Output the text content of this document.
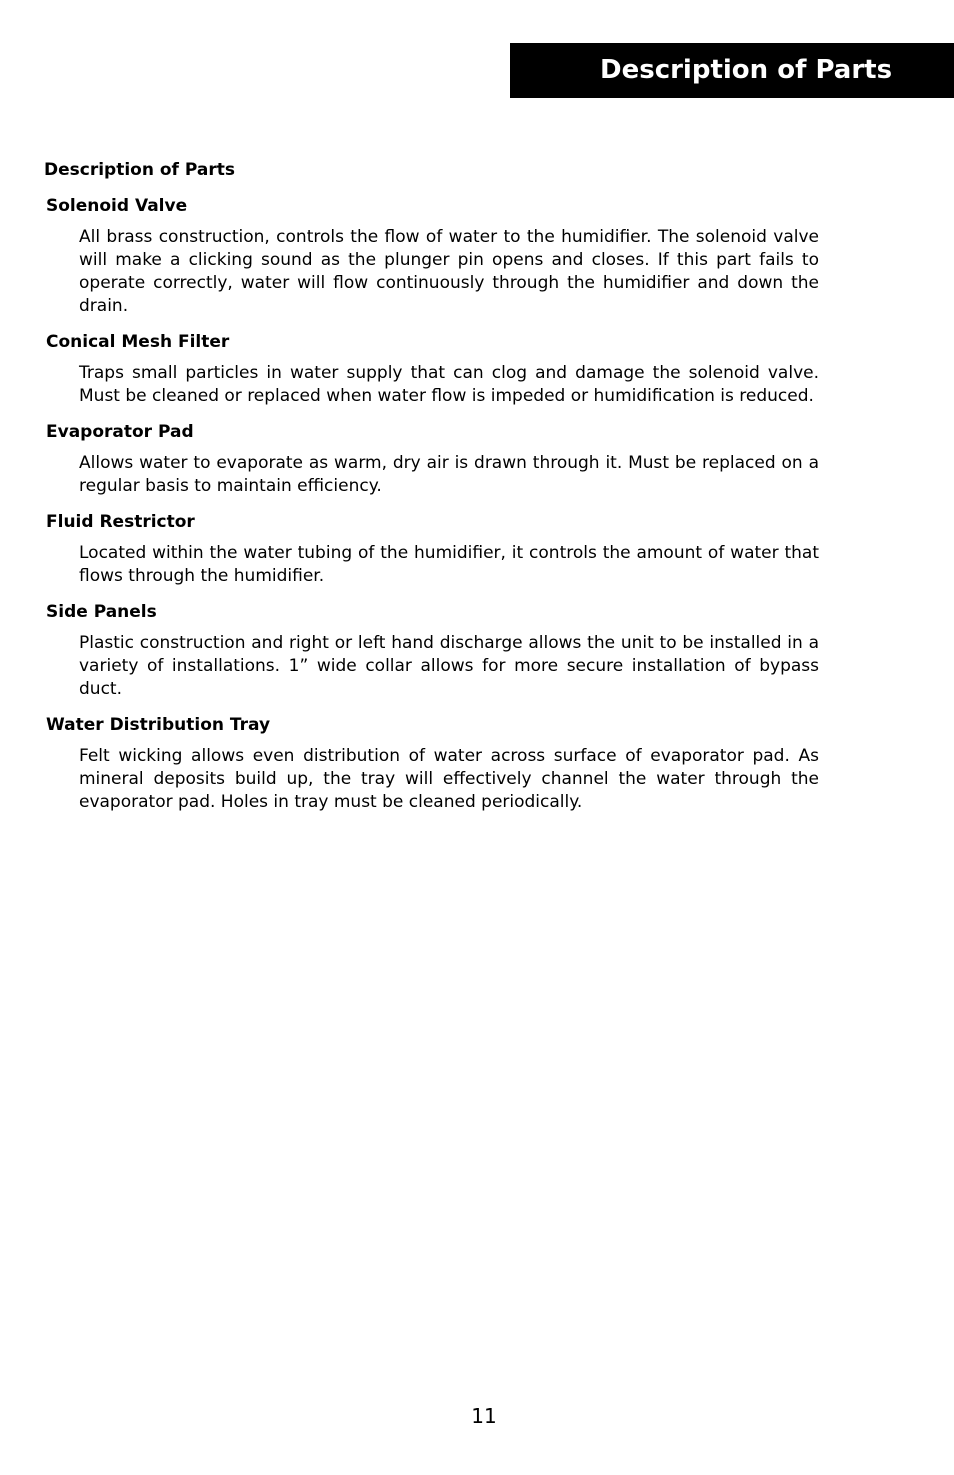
Description of Parts
Description of Parts
Solenoid Valve
All brass construction, controls the flow of water to the humidifier. The solenoid valve will make a clicking sound as the plunger pin opens and closes. If this part fails to operate correctly, water will flow continuously through the humidifier and down the drain.
Conical Mesh Filter
Traps small particles in water supply that can clog and damage the solenoid valve. Must be cleaned or replaced when water flow is impeded or humidification is reduced.
Evaporator Pad
Allows water to evaporate as warm, dry air is drawn through it. Must be replaced on a regular basis to maintain efficiency.
Fluid Restrictor
Located within the water tubing of the humidifier, it controls the amount of water that flows through the humidifier.
Side Panels
Plastic construction and right or left hand discharge allows the unit to be installed in a variety of installations. 1” wide collar allows for more secure installation of bypass duct.
Water Distribution Tray
Felt wicking allows even distribution of water across surface of evaporator pad. As mineral deposits build up, the tray will effectively channel the water through the evaporator pad. Holes in tray must be cleaned periodically.
11
